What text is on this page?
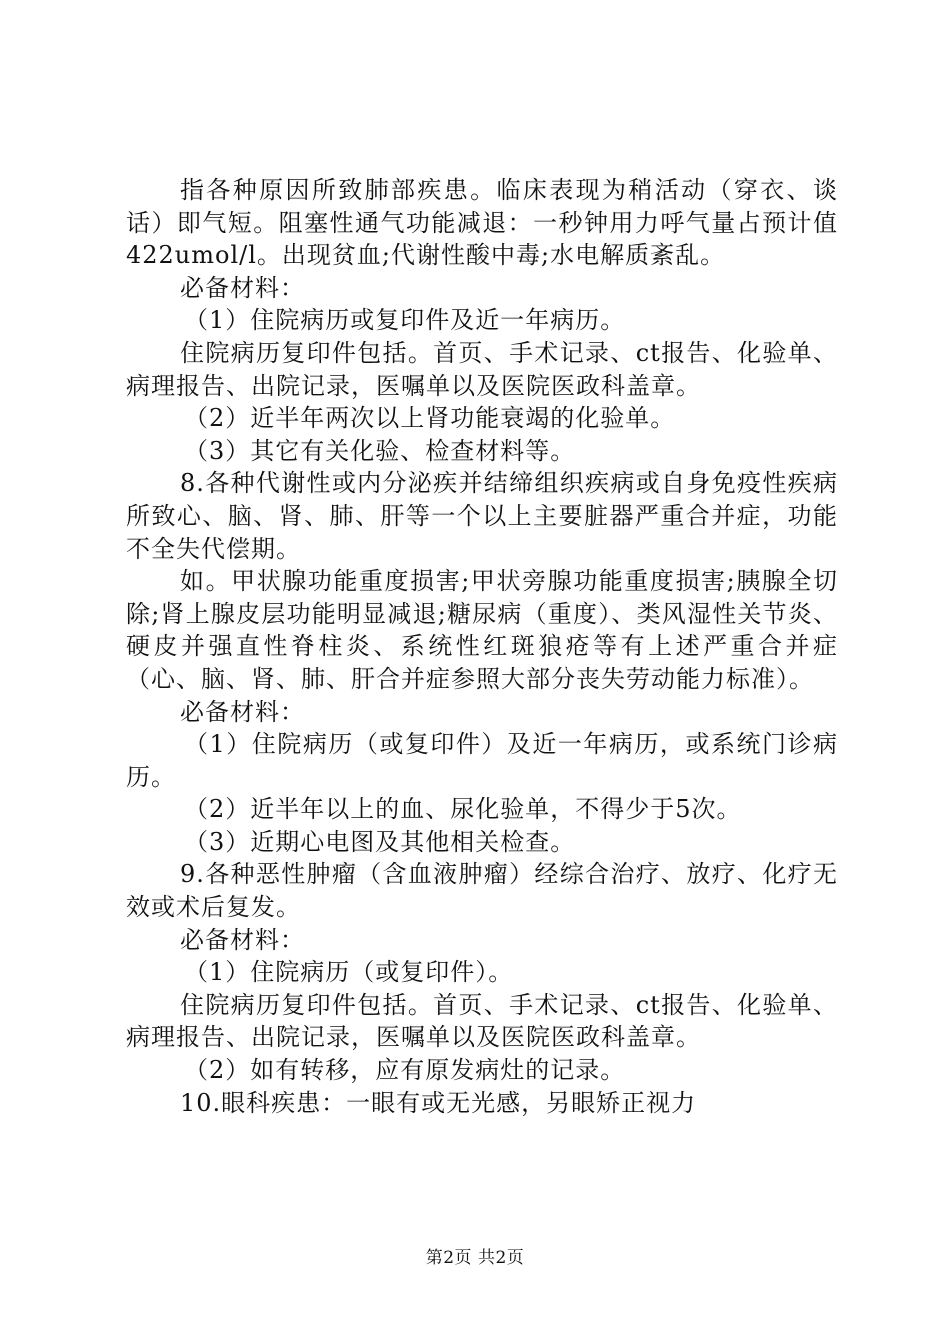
指各种原因所致肺部疾患。临床表现为稍活动（穿衣、谈话）即气短。阻塞性通气功能减退：一秒钟用力呼气量占预计值422umol/l。出现贫血;代谢性酸中毒;水电解质紊乱。

必备材料：

（1）住院病历或复印件及近一年病历。

住院病历复印件包括。首页、手术记录、ct报告、化验单、病理报告、出院记录，医嘱单以及医院医政科盖章。

（2）近半年两次以上肾功能衰竭的化验单。

（3）其它有关化验、检查材料等。

8.各种代谢性或内分泌疾并结缔组织疾病或自身免疫性疾病所致心、脑、肾、肺、肝等一个以上主要脏器严重合并症，功能不全失代偿期。

如。甲状腺功能重度损害;甲状旁腺功能重度损害;胰腺全切除;肾上腺皮层功能明显减退;糖尿病（重度）、类风湿性关节炎、硬皮并强直性脊柱炎、系统性红斑狼疮等有上述严重合并症（心、脑、肾、肺、肝合并症参照大部分丧失劳动能力标准）。

必备材料：

（1）住院病历（或复印件）及近一年病历，或系统门诊病历。

（2）近半年以上的血、尿化验单，不得少于5次。

（3）近期心电图及其他相关检查。

9.各种恶性肿瘤（含血液肿瘤）经综合治疗、放疗、化疗无效或术后复发。

必备材料：

（1）住院病历（或复印件）。

住院病历复印件包括。首页、手术记录、ct报告、化验单、病理报告、出院记录，医嘱单以及医院医政科盖章。

（2）如有转移，应有原发病灶的记录。

10.眼科疾患：一眼有或无光感，另眼矫正视力

第2页 共2页
